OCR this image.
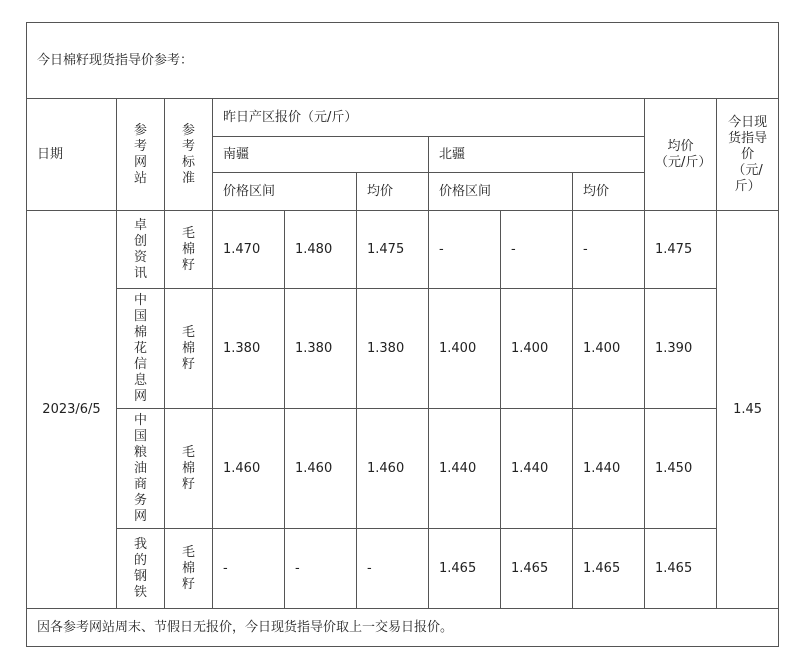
今日棉籽现货指导价参考：										
日期	参考网站	参考标准	昨日产区报价（元/斤）						均价（元/斤）	今日现货指导价（元/斤）
			南疆			北疆				
			价格区间		均价	价格区间		均价		
2023/6/5	卓创资讯	毛棉籽	1.470	1.480	1.475	-	-	-	1.475	1.45
	中国棉花信息网	毛棉籽	1.380	1.380	1.380	1.400	1.400	1.400	1.390	
	中国粮油商务网	毛棉籽	1.460	1.460	1.460	1.440	1.440	1.440	1.450	
	我的钢铁	毛棉籽	-	-	-	1.465	1.465	1.465	1.465	
因各参考网站周末、节假日无报价，今日现货指导价取上一交易日报价。										
